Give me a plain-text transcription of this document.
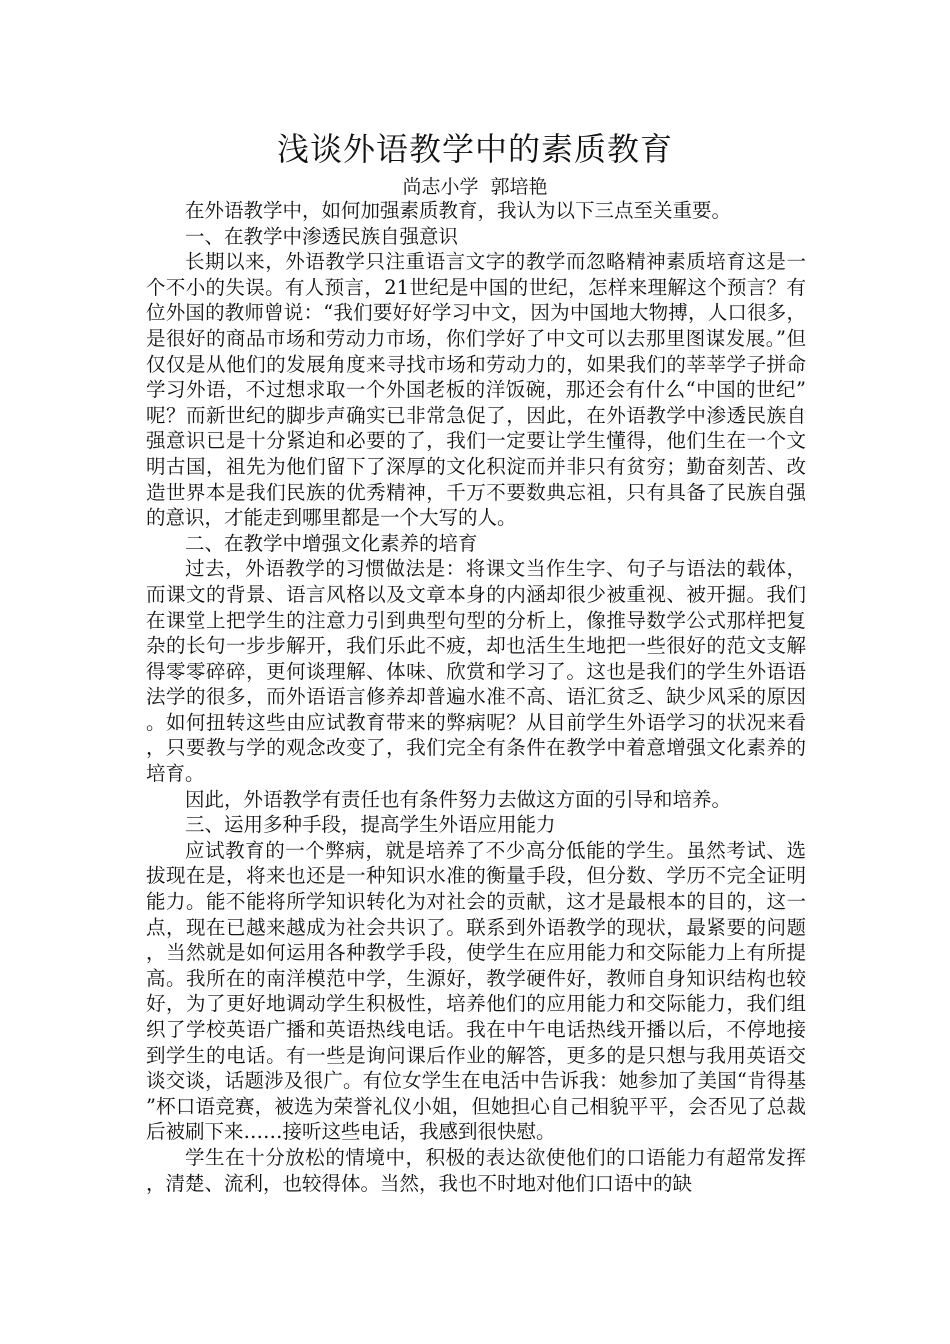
浅谈外语教学中的素质教育
尚志小学  郭培艳

在外语教学中，如何加强素质教育，我认为以下三点至关重要。

一、在教学中渗透民族自强意识

长期以来，外语教学只注重语言文字的教学而忽略精神素质培育这是一个不小的失误。有人预言，21世纪是中国的世纪，怎样来理解这个预言？有位外国的教师曾说：“我们要好好学习中文，因为中国地大物搏，人口很多，是很好的商品市场和劳动力市场，你们学好了中文可以去那里图谋发展。”但仅仅是从他们的发展角度来寻找市场和劳动力的，如果我们的莘莘学子拼命学习外语，不过想求取一个外国老板的洋饭碗，那还会有什么“中国的世纪”呢？而新世纪的脚步声确实已非常急促了，因此，在外语教学中渗透民族自强意识已是十分紧迫和必要的了，我们一定要让学生懂得，他们生在一个文明古国，祖先为他们留下了深厚的文化积淀而并非只有贫穷；勤奋刻苦、改造世界本是我们民族的优秀精神，千万不要数典忘祖，只有具备了民族自强的意识，才能走到哪里都是一个大写的人。

二、在教学中增强文化素养的培育

过去，外语教学的习惯做法是：将课文当作生字、句子与语法的载体，而课文的背景、语言风格以及文章本身的内涵却很少被重视、被开掘。我们在课堂上把学生的注意力引到典型句型的分析上，像推导数学公式那样把复杂的长句一步步解开，我们乐此不疲，却也活生生地把一些很好的范文支解得零零碎碎，更何谈理解、体味、欣赏和学习了。这也是我们的学生外语语法学的很多，而外语语言修养却普遍水准不高、语汇贫乏、缺少风采的原因。如何扭转这些由应试教育带来的弊病呢？从目前学生外语学习的状况来看，只要教与学的观念改变了，我们完全有条件在教学中着意增强文化素养的培育。

因此，外语教学有责任也有条件努力去做这方面的引导和培养。

三、运用多种手段，提高学生外语应用能力

应试教育的一个弊病，就是培养了不少高分低能的学生。虽然考试、选拔现在是，将来也还是一种知识水准的衡量手段，但分数、学历不完全证明能力。能不能将所学知识转化为对社会的贡献，这才是最根本的目的，这一点，现在已越来越成为社会共识了。联系到外语教学的现状，最紧要的问题，当然就是如何运用各种教学手段，使学生在应用能力和交际能力上有所提高。我所在的南洋模范中学，生源好，教学硬件好，教师自身知识结构也较好，为了更好地调动学生积极性，培养他们的应用能力和交际能力，我们组织了学校英语广播和英语热线电话。我在中午电话热线开播以后，不停地接到学生的电话。有一些是询问课后作业的解答，更多的是只想与我用英语交谈交谈，话题涉及很广。有位女学生在电活中告诉我：她参加了美国“肯得基”杯口语竞赛，被选为荣誉礼仪小姐，但她担心自己相貌平平，会否见了总裁后被刷下来……接听这些电话，我感到很快慰。

学生在十分放松的情境中，积极的表达欲使他们的口语能力有超常发挥，清楚、流利，也较得体。当然，我也不时地对他们口语中的缺
